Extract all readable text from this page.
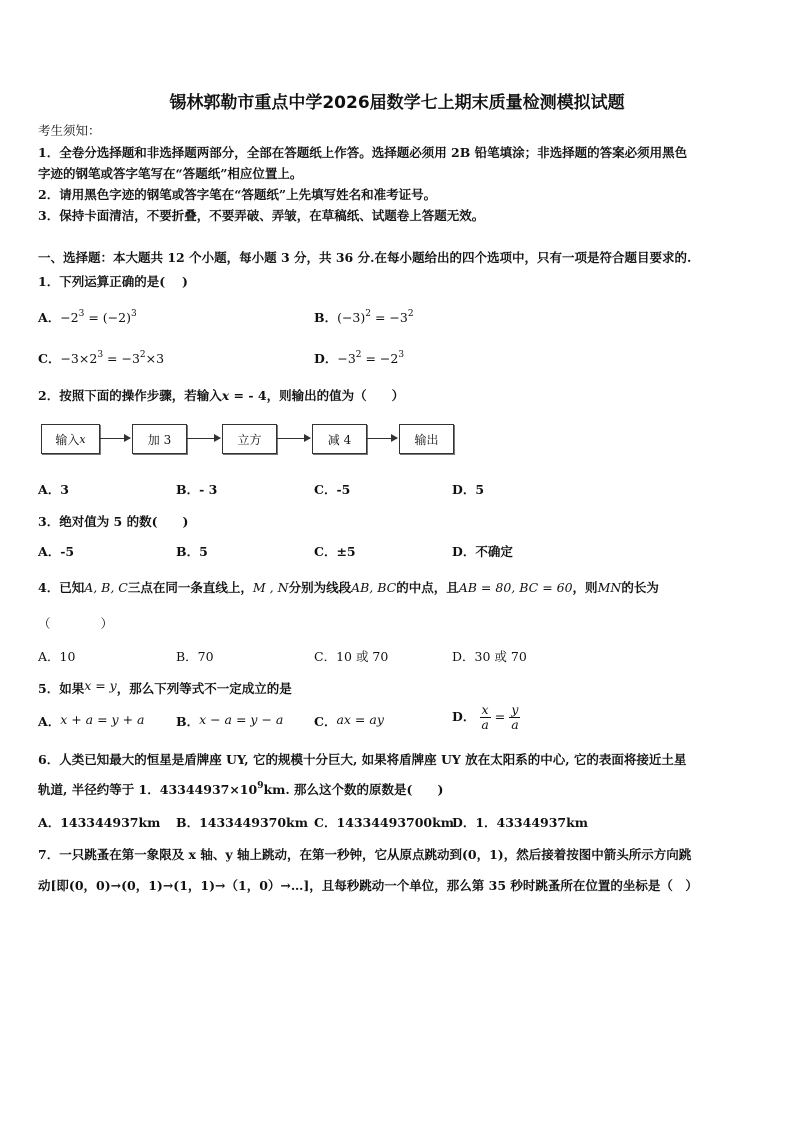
锡林郭勒市重点中学2026届数学七上期末质量检测模拟试题
考生须知：
1．全卷分选择题和非选择题两部分，全部在答题纸上作答。选择题必须用 2B 铅笔填涂；非选择题的答案必须用黑色
字迹的钢笔或答字笔写在“答题纸”相应位置上。
2．请用黑色字迹的钢笔或答字笔在“答题纸”上先填写姓名和准考证号。
3．保持卡面清洁，不要折叠，不要弄破、弄皱，在草稿纸、试题卷上答题无效。
一、选择题：本大题共 12 个小题，每小题 3 分，共 36 分.在每小题给出的四个选项中，只有一项是符合题目要求的.
1．下列运算正确的是(　 )
A．$-2^3 = (-2)^3$	B．$(-3)^2 = -3^2$
C．$-3\times 2^3 = -3^2\times 3$	D．$-3^2 = -2^3$
2．按照下面的操作步骤，若输入x = - 4，则输出的值为（　　）
输入 x	加 3	立方	减 4	输出
A．3	B．- 3	C．-5	D．5
3．绝对值为 5 的数(　　)
A．-5	B．5	C．±5	D．不确定
4．已知A, B, C三点在同一条直线上，M , N分别为线段AB, BC的中点，且AB = 80, BC = 60，则MN的长为
（　　　　）
A．10	B．70	C．10 或 70	D．30 或 70
5．如果x = y，那么下列等式不一定成立的是
A．x + a = y + a	B．x − a = y − a C．ax = ay	D． $\frac{x}{a} = \frac{y}{a}$
6．人类已知最大的恒星是盾牌座 UY, 它的规模十分巨大, 如果将盾牌座 UY 放在太阳系的中心, 它的表面将接近土星
轨道, 半径约等于 1．$43344937\times 10^9km$. 那么这个数的原数是(　　)
A．143344937km B．1433449370km C．14334493700km
D．1．43344937km
7．一只跳蚤在第一象限及 x 轴、y 轴上跳动，在第一秒钟，它从原点跳动到(0，1)，然后接着按图中箭头所示方向跳
动[即(0，0)→(0，1)→(1，1)→（1，0）→…]，且每秒跳动一个单位，那么第 35 秒时跳蚤所在位置的坐标是（　）
